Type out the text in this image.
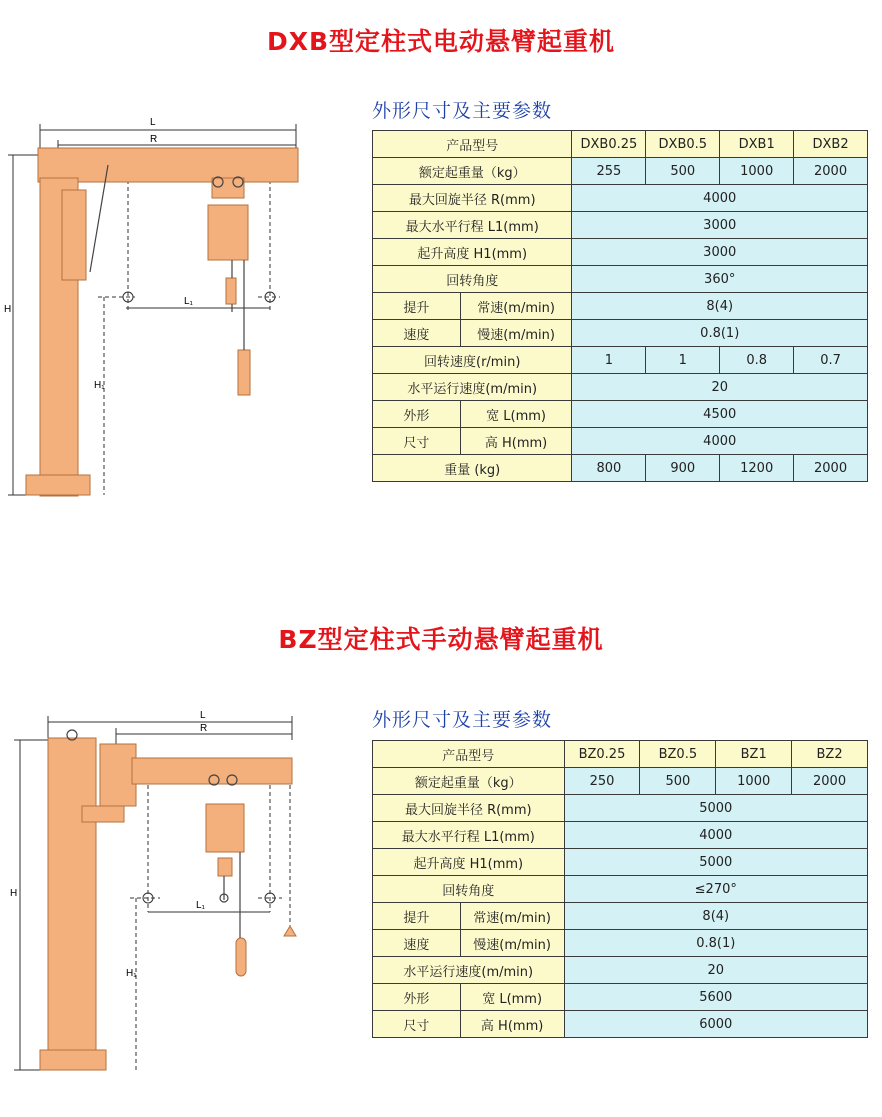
DXB型定柱式电动悬臂起重机
L
R
H
L₁
H₁
外形尺寸及主要参数
产品型号		DXB0.25	DXB0.5	DXB1	DXB2
额定起重量（kg）		255	500	1000	2000
最大回旋半径 R(mm)		4000			
最大水平行程 L1(mm)		3000			
起升高度 H1(mm)		3000			
回转角度		360°			
提升	常速(m/min)	8(4)			
速度	慢速(m/min)	0.8(1)			
回转速度(r/min)		1	1	0.8	0.7
水平运行速度(m/min)		20			
外形	宽 L(mm)	4500			
尺寸	高 H(mm)	4000			
重量 (kg)		800	900	1200	2000
BZ型定柱式手动悬臂起重机
L
R
H
L₁
H₁
外形尺寸及主要参数
产品型号		BZ0.25	BZ0.5	BZ1	BZ2
额定起重量（kg）		250	500	1000	2000
最大回旋半径 R(mm)		5000			
最大水平行程 L1(mm)		4000			
起升高度 H1(mm)		5000			
回转角度		≤270°			
提升	常速(m/min)	8(4)			
速度	慢速(m/min)	0.8(1)			
水平运行速度(m/min)		20			
外形	宽 L(mm)	5600			
尺寸	高 H(mm)	6000			
